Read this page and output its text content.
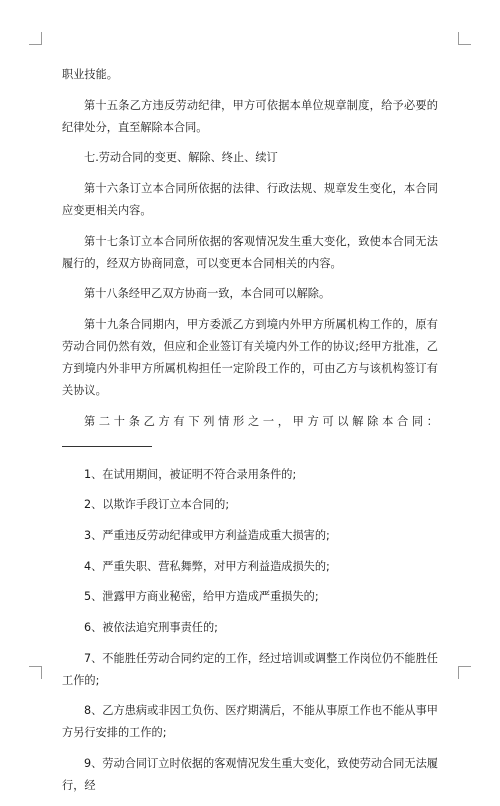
职业技能。

第十五条乙方违反劳动纪律，甲方可依据本单位规章制度，给予必要的纪律处分，直至解除本合同。

七.劳动合同的变更、解除、终止、续订

第十六条订立本合同所依据的法律、行政法规、规章发生变化，本合同应变更相关内容。

第十七条订立本合同所依据的客观情况发生重大变化，致使本合同无法履行的，经双方协商同意，可以变更本合同相关的内容。

第十八条经甲乙双方协商一致，本合同可以解除。

第十九条合同期内，甲方委派乙方到境内外甲方所属机构工作的，原有劳动合同仍然有效，但应和企业签订有关境内外工作的协议;经甲方批准，乙方到境内外非甲方所属机构担任一定阶段工作的，可由乙方与该机构签订有关协议。

第二十条乙方有下列情形之一，甲方可以解除本合同：

1、在试用期间，被证明不符合录用条件的;

2、以欺诈手段订立本合同的;

3、严重违反劳动纪律或甲方利益造成重大损害的;

4、严重失职、营私舞弊，对甲方利益造成损失的;

5、泄露甲方商业秘密，给甲方造成严重损失的;

6、被依法追究刑事责任的;

7、不能胜任劳动合同约定的工作，经过培训或调整工作岗位仍不能胜任工作的;

8、乙方患病或非因工负伤、医疗期满后，不能从事原工作也不能从事甲方另行安排的工作的;

9、劳动合同订立时依据的客观情况发生重大变化，致使劳动合同无法履行，经
